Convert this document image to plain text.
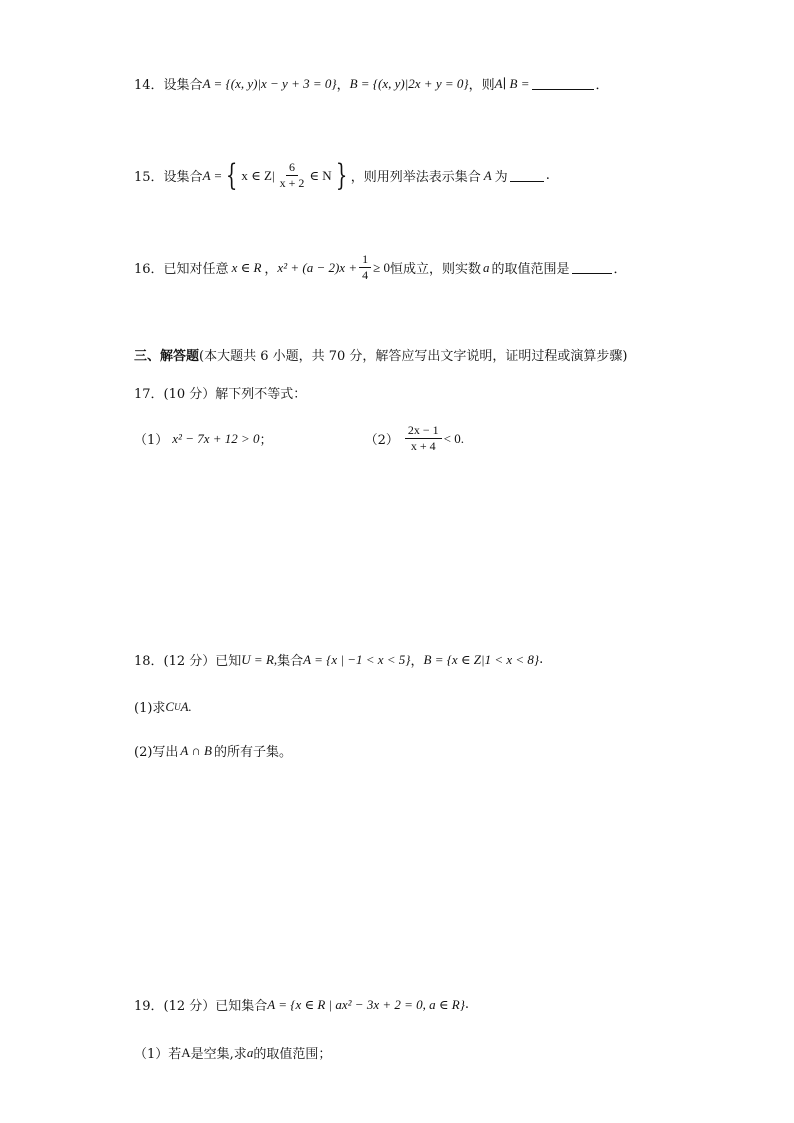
14． 设集合 A = {(x, y)|x − y + 3 = 0} ， B = {(x, y)|2x + y = 0} ，则 A∣ B =	．
15． 设集合 A = { x ∈ $Z| \frac{6}{x + 2}$ ∈ N } ，则用列举法表示集合 A 为	.
16． 已知对任意 x ∈ R ， $x^2 + (a - 2)x + \frac{1}{4} \ge 0$ 恒成立，则实数 a 的取值范围是	．
三、解答题 (本大题共 6 小题，共 70 分，解答应写出文字说明，证明过程或演算步骤)
17．(10 分）解下列不等式：
（1） x² − 7x + 12 > 0 ；	$(2) \frac{2x - 1}{x + 4} < 0$.
18．(12 分）已知 U = R, 集合 A = {x | −1 < x < 5} ， B = {x ∈ Z|1 < x < 8} .
(1)求 C U A.
(2)写出 A ∩ B 的所有子集。
19．(12 分）已知集合 A = {x ∈ R | ax² − 3x + 2 = 0, a ∈ R} .
（1）若 A 是空集,求 a 的取值范围；
